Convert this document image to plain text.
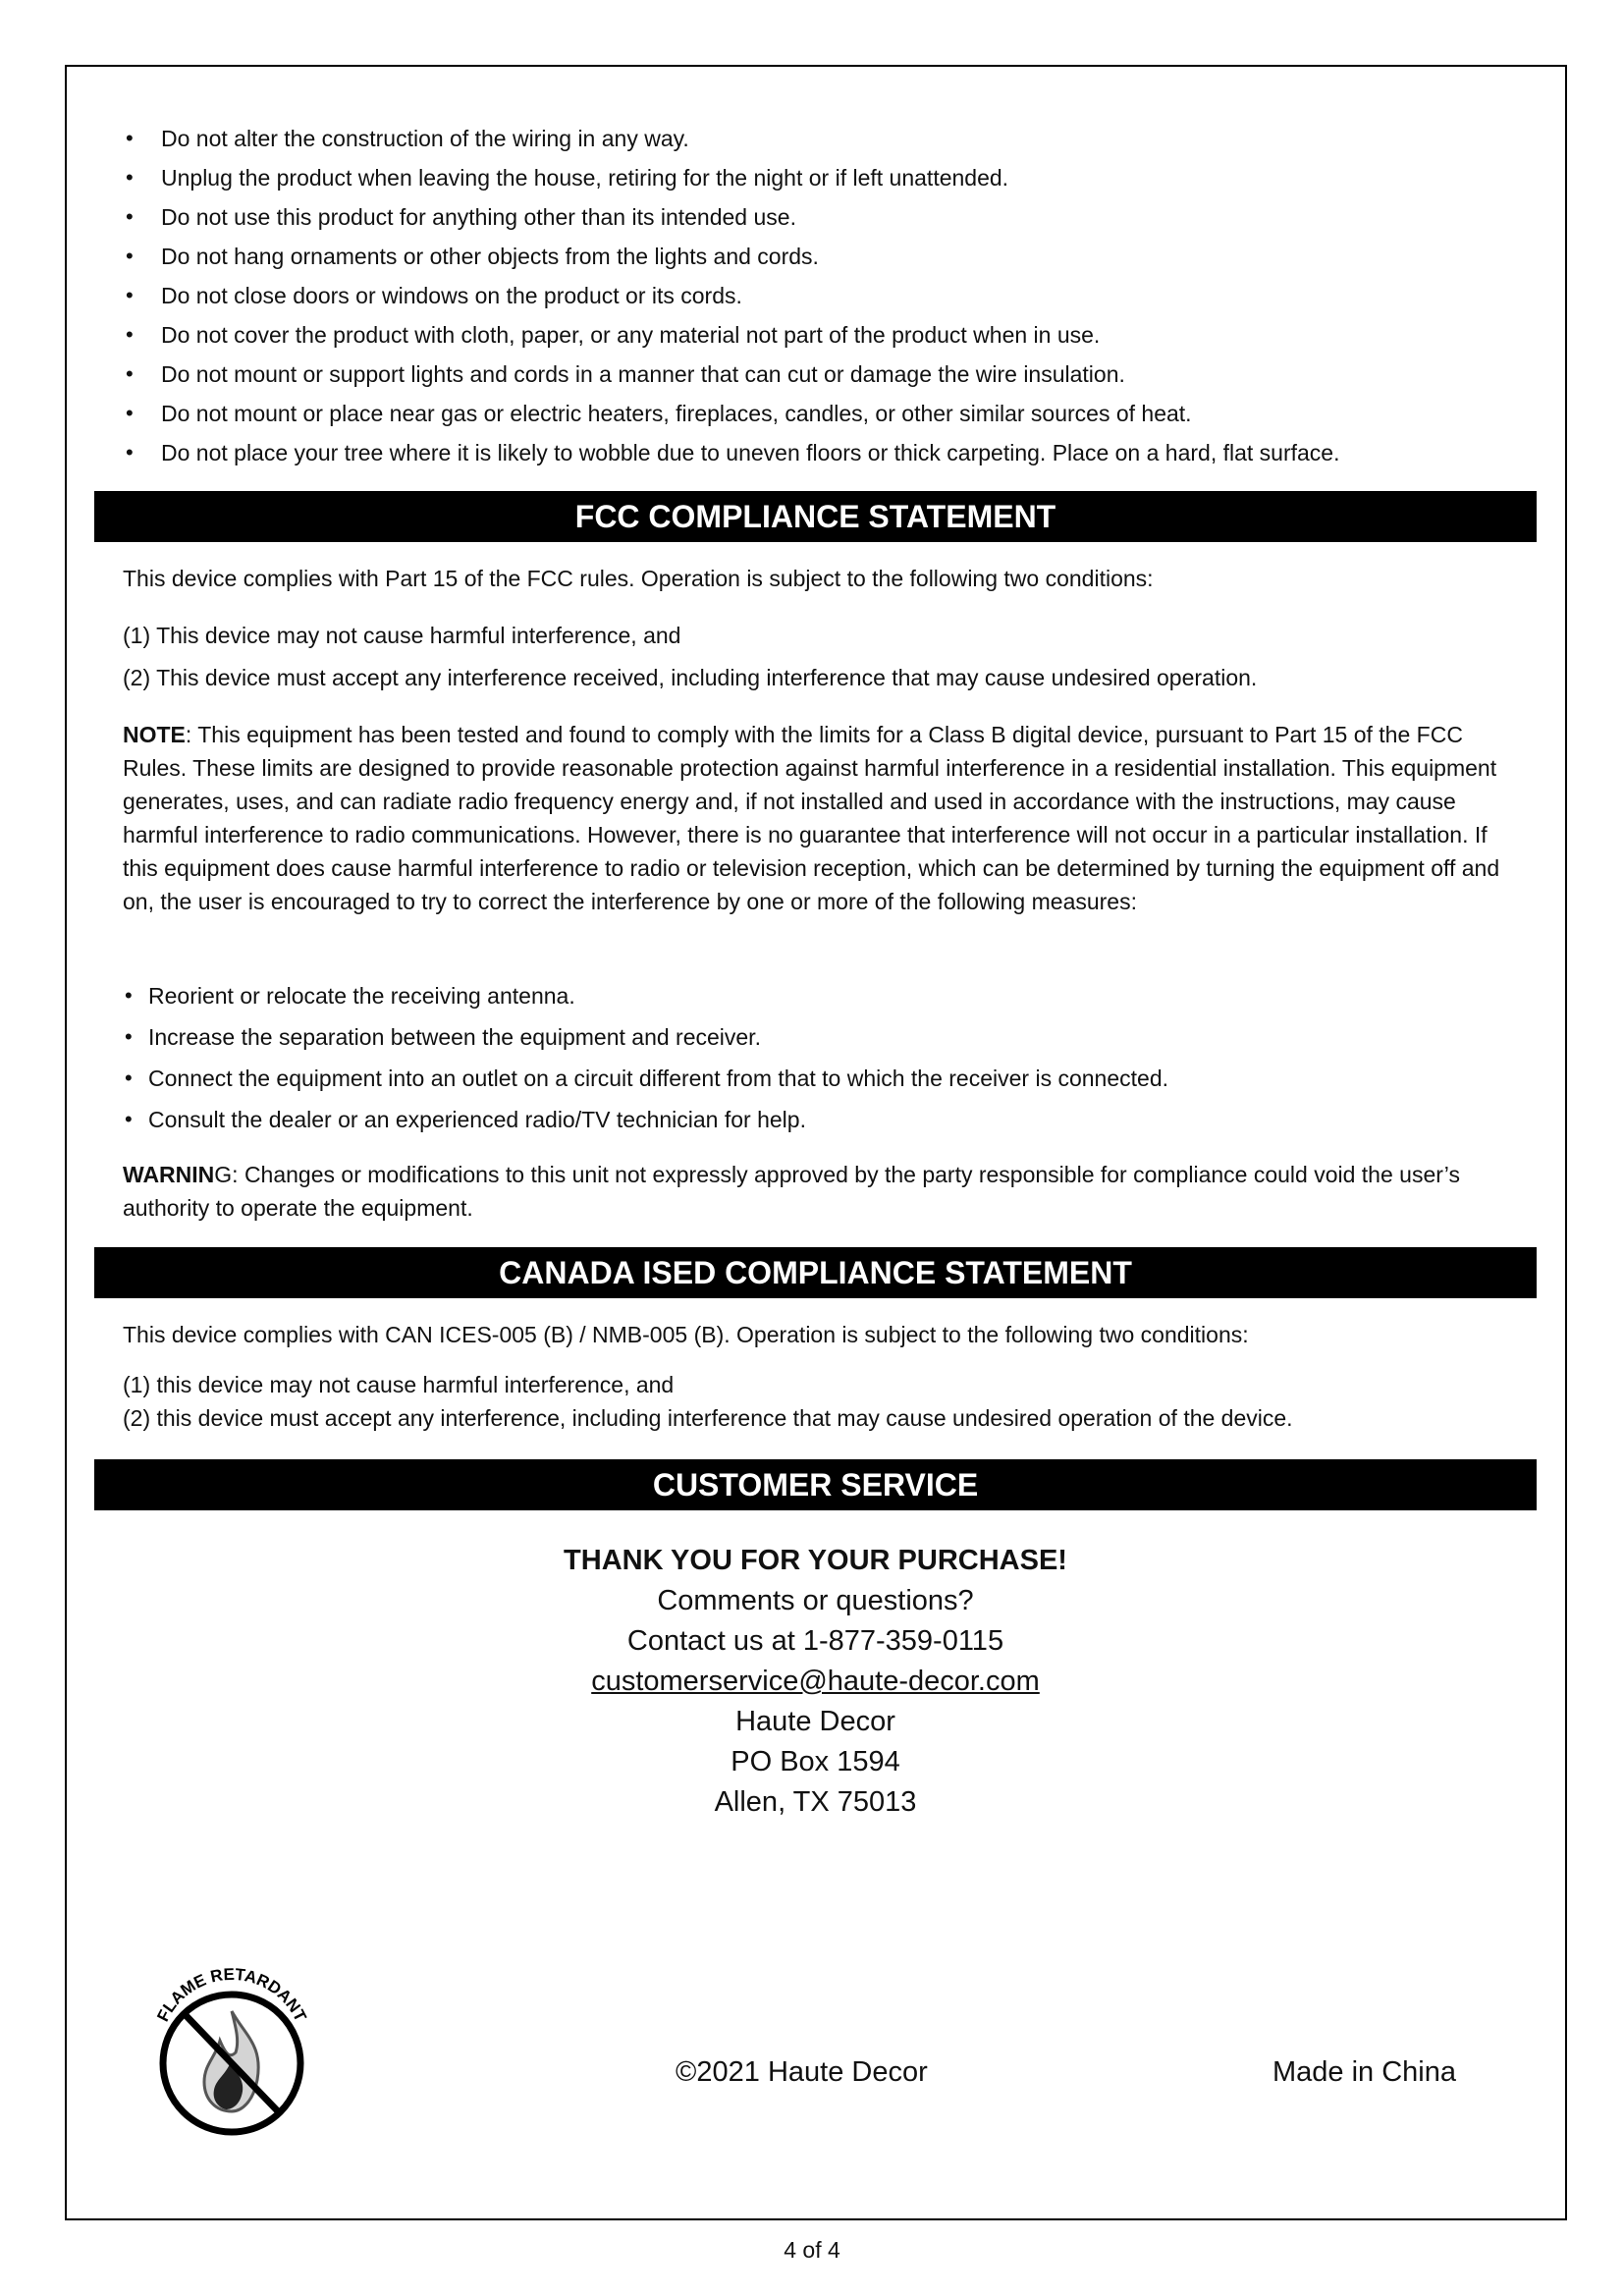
• Do not alter the construction of the wiring in any way.
• Unplug the product when leaving the house, retiring for the night or if left unattended.
• Do not use this product for anything other than its intended use.
• Do not hang ornaments or other objects from the lights and cords.
• Do not close doors or windows on the product or its cords.
• Do not cover the product with cloth, paper, or any material not part of the product when in use.
• Do not mount or support lights and cords in a manner that can cut or damage the wire insulation.
• Do not mount or place near gas or electric heaters, fireplaces, candles, or other similar sources of heat.
• Do not place your tree where it is likely to wobble due to uneven floors or thick carpeting. Place on a hard, flat surface.
FCC COMPLIANCE STATEMENT

This device complies with Part 15 of the FCC rules. Operation is subject to the following two conditions:

(1) This device may not cause harmful interference, and

(2) This device must accept any interference received, including interference that may cause undesired operation.

NOTE: This equipment has been tested and found to comply with the limits for a Class B digital device, pursuant to Part 15 of the FCC Rules. These limits are designed to provide reasonable protection against harmful interference in a residential installation. This equipment generates, uses, and can radiate radio frequency energy and, if not installed and used in accordance with the instructions, may cause harmful interference to radio communications. However, there is no guarantee that interference will not occur in a particular installation. If this equipment does cause harmful interference to radio or television reception, which can be determined by turning the equipment off and on, the user is encouraged to try to correct the interference by one or more of the following measures:

• Reorient or relocate the receiving antenna.
• Increase the separation between the equipment and receiver.
• Connect the equipment into an outlet on a circuit different from that to which the receiver is connected.
• Consult the dealer or an experienced radio/TV technician for help.

WARNING: Changes or modifications to this unit not expressly approved by the party responsible for compliance could void the user’s authority to operate the equipment.

CANADA ISED COMPLIANCE STATEMENT

This device complies with CAN ICES-005 (B) / NMB-005 (B). Operation is subject to the following two conditions:

(1) this device may not cause harmful interference, and

(2) this device must accept any interference, including interference that may cause undesired operation of the device.

CUSTOMER SERVICE
THANK YOU FOR YOUR PURCHASE!
Comments or questions?
Contact us at 1-877-359-0115
customerservice@haute-decor.com
Haute Decor
PO Box 1594
Allen, TX 75013
FLAME RETARDANT
©2021 Haute Decor	Made in China
4 of 4
